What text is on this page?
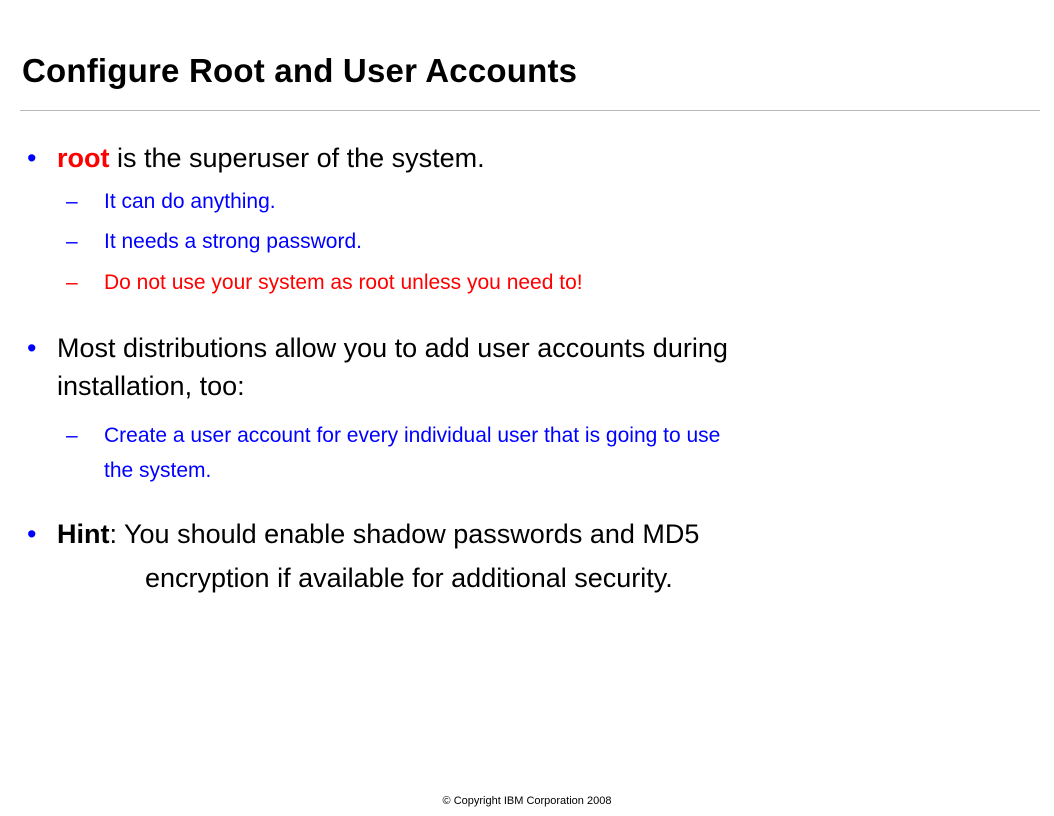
Configure Root and User Accounts
• root is the superuser of the system.
– It can do anything.
– It needs a strong password.
– Do not use your system as root unless you need to!
• Most distributions allow you to add user accounts during
installation, too:
– Create a user account for every individual user that is going to use
the system.
• Hint: You should enable shadow passwords and MD5
encryption if available for additional security.
© Copyright IBM Corporation 2008
